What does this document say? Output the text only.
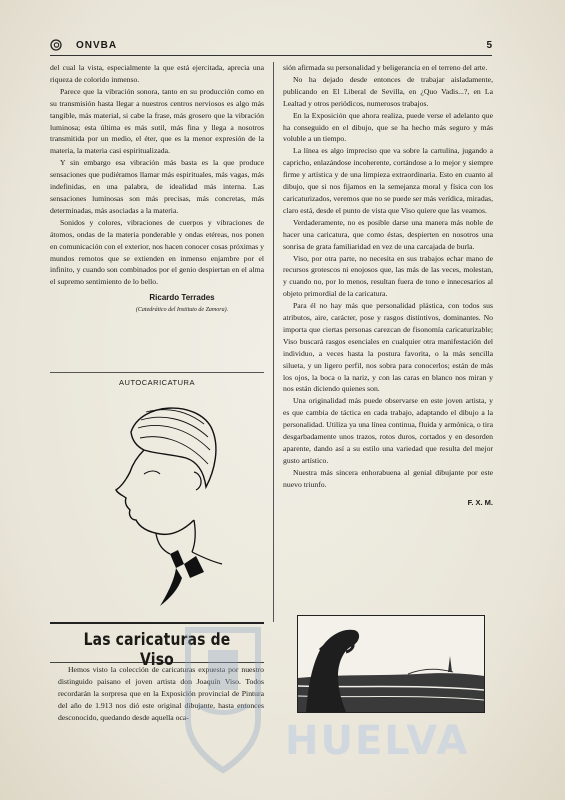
ONVBA	5

del cual la vista, especialmente la que está ejercitada, aprecia una riqueza de colorido inmenso.

Parece que la vibración sonora, tanto en su producción como en su transmisión hasta llegar a nuestros centros nerviosos es algo más tangible, más material, si cabe la frase, más grosero que la vibración luminosa; esta última es más sutil, más fina y llega a nosotros transmitida por un medio, el éter, que es la menor expresión de la materia, la materia casi espiritualizada.

Y sin embargo esa vibración más basta es la que produce sensaciones que pudiéramos llamar más espirituales, más vagas, más indefinidas, en una palabra, de idealidad más interna. Las sensaciones luminosas son más precisas, más concretas, más determinadas, más asociadas a la materia.

Sonidos y colores, vibraciones de cuerpos y vibraciones de átomos, ondas de la materia ponderable y ondas etéreas, nos ponen en comunicación con el exterior, nos hacen conocer cosas próximas y mundos remotos que se extienden en inmenso enjambre por el infinito, y cuando son combinados por el genio despiertan en el alma el supremo sentimiento de lo bello.

Ricardo Terrades
(Catedrático del Instituto de Zamora).
AUTOCARICATURA
Las caricaturas de Viso

Hemos visto la colección de caricaturas expuesta por nuestro distinguido paisano el joven artista don Joaquín Viso. Todos recordarán la sorpresa que en la Exposición provincial de Pintura del año de 1.913 nos dió este original dibujante, hasta entonces desconocido, quedando desde aquella oca-

sión afirmada su personalidad y beligerancia en el terreno del arte.

No ha dejado desde entonces de trabajar aisladamente, publicando en El Liberal de Sevilla, en ¿Quo Vadis...?, en La Lealtad y otros periódicos, numerosos trabajos.

En la Exposición que ahora realiza, puede verse el adelanto que ha conseguido en el dibujo, que se ha hecho más seguro y más voluble a un tiempo.

La línea es algo impreciso que va sobre la cartulina, jugando a capricho, enlazándose incoherente, cortándose a lo mejor y siempre firme y artística y de una limpieza extraordinaria. Esto en cuanto al dibujo, que si nos fijamos en la semejanza moral y física con los caricaturizados, veremos que no se puede ser más verídica, miradas, claro está, desde el punto de vista que Viso quiere que las veamos.

Verdaderamente, no es posible darse una manera más noble de hacer una caricatura, que como éstas, despierten en nosotros una sonrisa de grata familiaridad en vez de una carcajada de burla.

Viso, por otra parte, no necesita en sus trabajos echar mano de recursos grotescos ni enojosos que, las más de las veces, molestan, y cuando no, por lo menos, resultan fuera de tono e innecesarios al objeto primordial de la caricatura.

Para él no hay más que personalidad plástica, con todos sus atributos, aire, carácter, pose y rasgos distintivos, dominantes. No importa que ciertas personas carezcan de fisonomía caricaturizable; Viso buscará rasgos esenciales en cualquier otra manifestación del individuo, a veces hasta la postura favorita, o la más sencilla silueta, y un ligero perfil, nos sobra para conocerlos; están de más los ojos, la boca o la nariz, y con las caras en blanco nos miran y nos están diciendo quienes son.

Una originalidad más puede observarse en este joven artista, y es que cambia de táctica en cada trabajo, adaptando el dibujo a la personalidad. Utiliza ya una línea continua, fluida y armónica, o tira desgarbadamente unos trazos, rotos duros, cortados y en desorden aparente, dando así a su estilo una variedad que resulta del mejor gusto artístico.

Nuestra más sincera enhorabuena al genial dibujante por este nuevo triunfo.

F. X. M.
HUELVA
